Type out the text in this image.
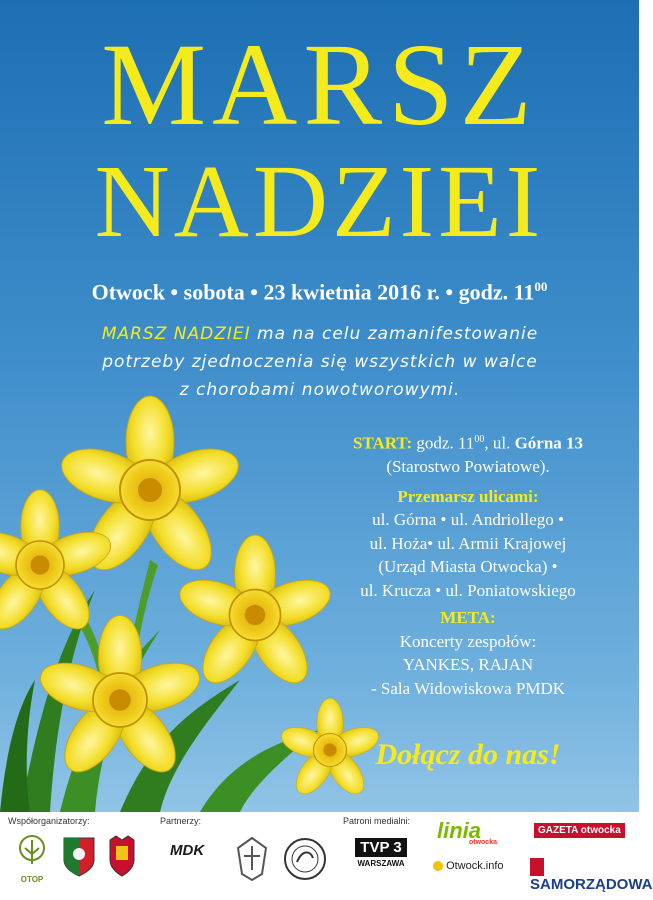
MARSZ
NADZIEI
Otwock • sobota • 23 kwietnia 2016 r. • godz. $11^{00}$
MARSZ NADZIEI ma na celu zamanifestowanie
potrzeby zjednoczenia się wszystkich w walce
z chorobami nowotworowymi.
START: godz. $11^{00}$, ul. Górna 13
(Starostwo Powiatowe).
Przemarsz ulicami:
ul. Górna • ul. Andriollego •
ul. Hoża• ul. Armii Krajowej
(Urząd Miasta Otwocka) •
ul. Krucza • ul. Poniatowskiego
META:
Koncerty zespołów:
YANKES, RAJAN
- Sala Widowiskowa PMDK
Dołącz do nas!
Współorganizatorzy:	Partnerzy:	Patroni medialni:
OTOP
MDK	TVP 3
WARSZAWA
linia
otwocka
Otwock.info
GAZETA otwocka
SAMORZĄDOWA
